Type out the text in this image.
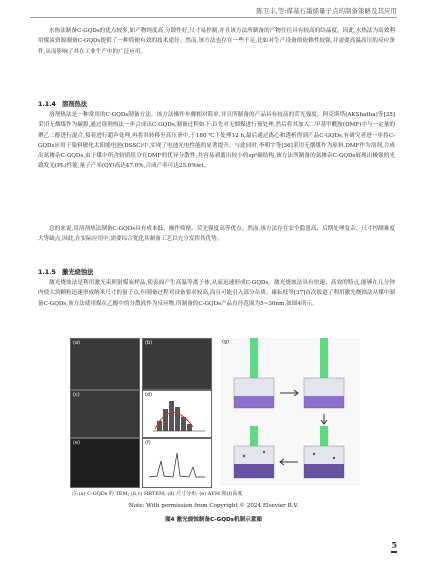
陈卫丰,等:煤基石墨烯量子点的制备策略及其应用
水热法制备C-GQDs的优点较多,如产物纯度高,分散性好,尺寸易控制,并且该方法所制备的产物往往具有较高的结晶度。因此,水热法为高效利用煤炭资源制备C-GQDs提供了一种简便有效的技术途径。然而,该方法也存在一些不足,比如对生产设备的依赖性较强,并需要高温高压的反应条件,从而影响了其在工业生产中的广泛应用。
1.1.4 溶剂热法
溶剂热法是一种常用的C-GQDs制备方法。该方法操作步骤相对简单,并且所制备的产品具有较高的荧光强度。阿克斯塔(AKShatha)等[35]采用无烟煤作为碳源,通过溶剂热法一步合成出C-GQDs,制备过程如下:首先对无烟煤进行预处理,然后将其加入二甲基甲酰胺(DMF)中与一定量的聚乙二醇进行混合,接着进行超声处理,再将其转移至高压釜中,于180 ℃下处理12 h,最后通过离心和透析得到产品C-GQDs,有研究者进一步将C-GQDs应用于染料敏化太阳能电池(DSSC)中,实现了电池光电性能的显著提升。与此同时,李明宇等[36]采用无烟煤作为原料,DMF作为溶剂,合成出氮掺杂C-GQDs,由于煤中所含较质组分在DMF的优异分散性,并容易剥离出较小的sp²碳结构,该方法所制备的氮掺杂C-GQDs展现出极强的光致发光(PL)性能,量子产率(QY)高达47.0%,合成产率可达25.6%wt。
总的来说,用溶剂热法制备C-GQDs具有成本低、操作简便、荧光强度高等优点。然而,该方法存在安全隐患高、后期处理复杂、尺寸控制难度大等缺点,因此,在实际应用中,需要综合优化其制备工艺以充分发挥其优势。
1.1.5 激光烧蚀法
激光烧蚀法是利用激光束照射煤炭样品,使表面产生高温等离子体,从而迅速形成C-GQDs。激光烧蚀法具有快速、高效的特点,能够在几分钟内使大块颗粒迅速形成纳米尺寸的量子点,但制备过程对设备要求较高,而且可能引入部分杂质。康耘枝等[37]首次报道了利用激光烧蚀法从煤中制备C-GQDs,该方法使用煤在乙醇中的分散液作为反应物,所制备的C-GQDs产品直径范围为5~30nm,如图4所示。
(a)	(b)
(c)	(d)
(e)	(f)
(g)
注:(a) C-GQDs 的 TEM; (b,c) HRTEM; (d) 尺寸分布; (e) AFM 和(f)高度
Note: With permission from Copyright © 2024 Elsevier B.V.
图4 激光烧蚀制备C-GQDs机制示意图
5
